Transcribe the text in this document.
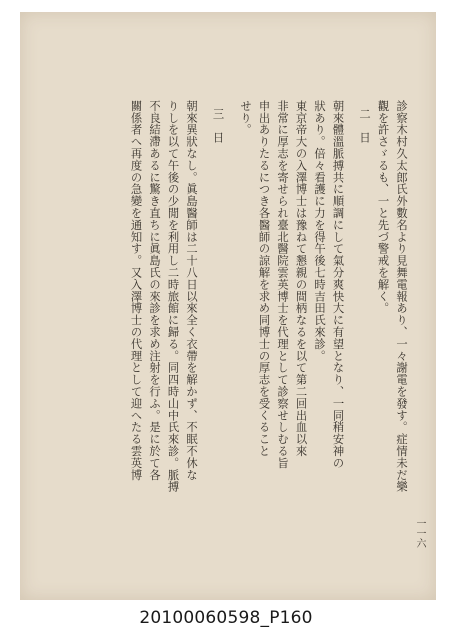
一一六
診察木村久太郎氏外數名より見舞電報あり、一々謝電を發す。症情未だ樂
觀を許さゞるも、一と先づ警戒を解く。
二　日
朝來體溫脈搏共に順調にして氣分爽快大に有望となり、一同稍安神の
狀あり。倍々看護に力を得午後七時吉田氏來診。
東京帝大の入澤博士は豫ねて懇親の間柄なるを以て第二回出血以來
非常に厚志を寄せられ臺北醫院雲英博士を代理として診察せしむる旨
申出ありたるにつき各醫師の諒解を求め同博士の厚志を受くること
せり。
三　日
朝來異狀なし。眞島醫師は二十八日以來全く衣帶を解かず、不眠不休な
りしを以て午後の少閒を利用し二時旅館に歸る。同四時山中氏來診。脈搏
不良結滯あるに驚き直ちに眞島氏の來診を求め注射を行ふ。是に於て各
關係者へ再度の急變を通知す。又入澤博士の代理として迎へたる雲英博
20100060598_P160
